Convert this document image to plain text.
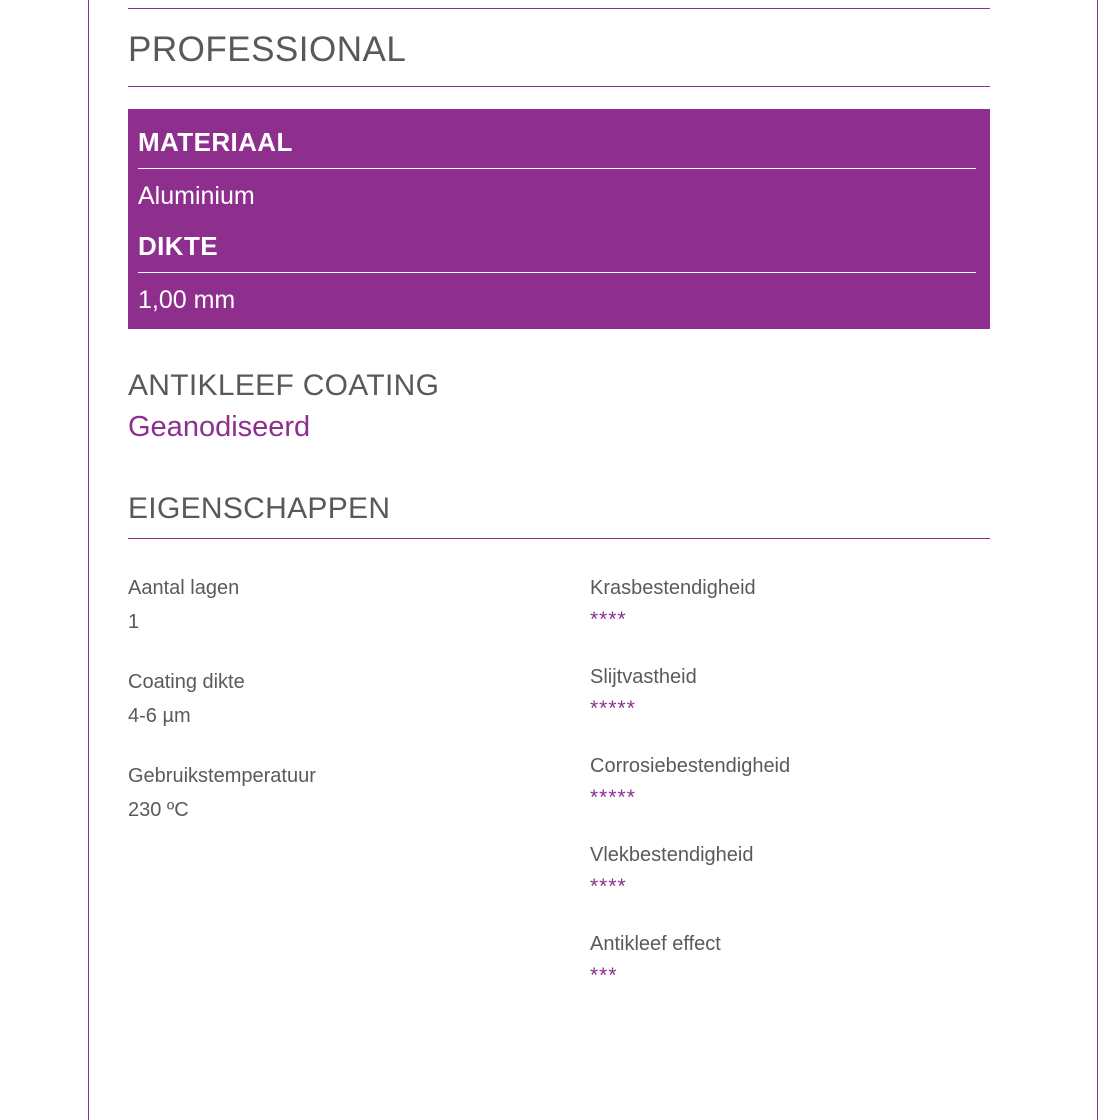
PROFESSIONAL
MATERIAAL
Aluminium
DIKTE
1,00 mm
ANTIKLEEF COATING
Geanodiseerd
EIGENSCHAPPEN
Aantal lagen
1
Coating dikte
4-6 µm
Gebruikstemperatuur
230 ºC
Krasbestendigheid
****
Slijtvastheid
*****
Corrosiebestendigheid
*****
Vlekbestendigheid
****
Antikleef effect
***
